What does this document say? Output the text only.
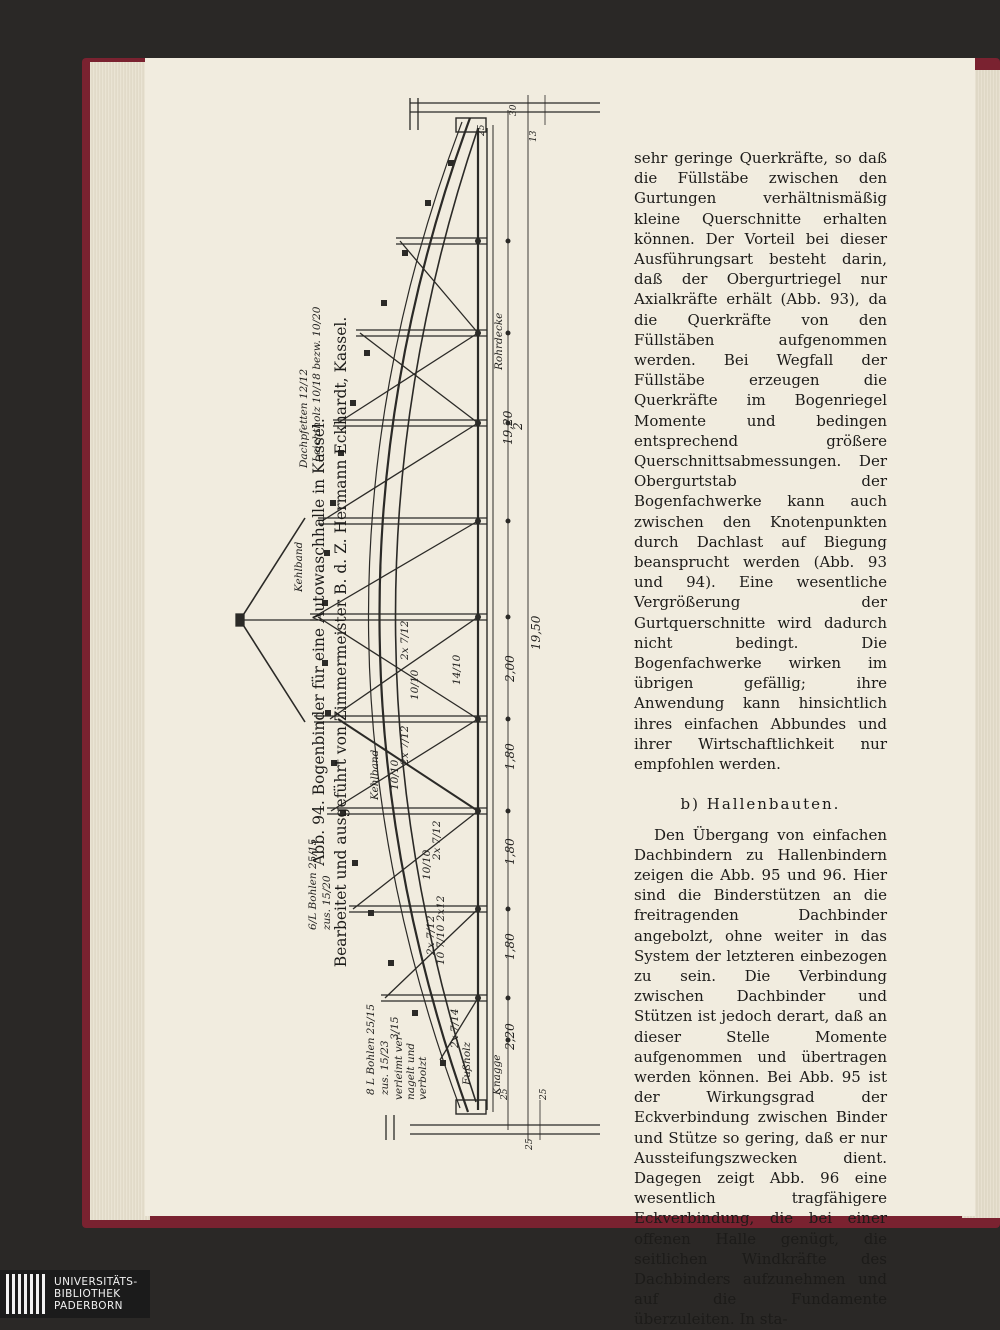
Dachpfetten 12/12 Leichtholz 10/18 bezw. 10/20	Rohrdecke
Kehlband
Kehlband
6/L Bohlen 25/15 zus. 15/20
8 L Bohlen 25/15 zus. 15/23 verleimt ver- nagelt und verbolzt
3/15
Fußholz Knagge
2x 7/12
10/10	14/10
2x 7/12
10/10
2x 7/12
10/10
2x 7/12
10 7/10 2x12
2x 7/14	2,20
1,80
1,80
1,80
2,00
19,50
19,20
2
30
13
25
25
25
25
Abb. 94. Bogenbinder für eine Autowaschhalle in Kassel. Bearbeitet und ausgeführt von Zimmermeister B. d. Z. Hermann Eckhardt, Kassel.

sehr geringe Querkräfte, so daß die Füllstäbe zwischen den Gurtungen verhältnismäßig kleine Querschnitte erhalten können. Der Vorteil bei dieser Ausführungsart besteht darin, daß der Obergurtriegel nur Axialkräfte erhält (Abb. 93), da die Querkräfte von den Füllstäben aufgenommen werden. Bei Wegfall der Füllstäbe erzeugen die Querkräfte im Bogenriegel Momente und bedingen entsprechend größere Querschnittsabmessungen. Der Obergurtstab der Bogenfachwerke kann auch zwischen den Knotenpunkten durch Dachlast auf Biegung beansprucht werden (Abb. 93 und 94). Eine wesentliche Vergrößerung der Gurtquerschnitte wird dadurch nicht bedingt. Die Bogenfachwerke wirken im übrigen gefällig; ihre Anwendung kann hinsichtlich ihres einfachen Abbundes und ihrer Wirtschaftlichkeit nur empfohlen werden.

b) Hallenbauten.

Den Übergang von einfachen Dachbindern zu Hallenbindern zeigen die Abb. 95 und 96. Hier sind die Binderstützen an die freitragenden Dachbinder angebolzt, ohne weiter in das System der letzteren einbezogen zu sein. Die Verbindung zwischen Dachbinder und Stützen ist jedoch derart, daß an dieser Stelle Momente aufgenommen und übertragen werden können. Bei Abb. 95 ist der Wirkungsgrad der Eckverbindung zwischen Binder und Stütze so gering, daß er nur Aussteifungszwecken dient. Dagegen zeigt Abb. 96 eine wesentlich tragfähigere Eckverbindung, die bei einer offenen Halle genügt, die seitlichen Windkräfte des Dachbinders aufzunehmen und auf die Fundamente überzuleiten. In sta-

UNIVERSITÄTS-
BIBLIOTHEK
PADERBORN
